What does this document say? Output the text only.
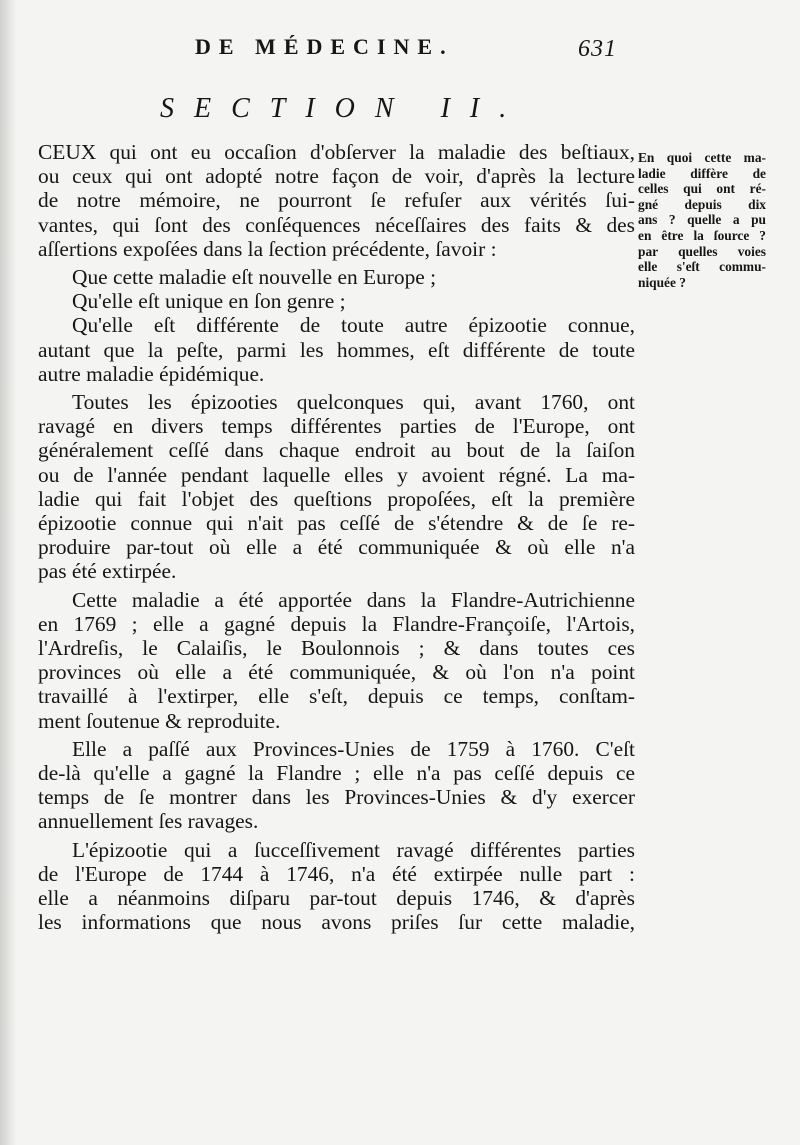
DE MÉDECINE.	631
SECTION II.
CEUX qui ont eu occaſion d'obſerver la maladie des beſtiaux,
ou ceux qui ont adopté notre façon de voir, d'après la lecture
de notre mémoire, ne pourront ſe refuſer aux vérités ſui-
vantes, qui ſont des conſéquences néceſſaires des faits & des
aſſertions expoſées dans la ſection précédente, ſavoir :
Que cette maladie eſt nouvelle en Europe ;
Qu'elle eſt unique en ſon genre ;
Qu'elle eſt différente de toute autre épizootie connue,
autant que la peſte, parmi les hommes, eſt différente de toute
autre maladie épidémique.
Toutes les épizooties quelconques qui, avant 1760, ont
ravagé en divers temps différentes parties de l'Europe, ont
généralement ceſſé dans chaque endroit au bout de la ſaiſon
ou de l'année pendant laquelle elles y avoient régné. La ma-
ladie qui fait l'objet des queſtions propoſées, eſt la première
épizootie connue qui n'ait pas ceſſé de s'étendre & de ſe re-
produire par-tout où elle a été communiquée & où elle n'a
pas été extirpée.
Cette maladie a été apportée dans la Flandre-Autrichienne
en 1769 ; elle a gagné depuis la Flandre-Françoiſe, l'Artois,
l'Ardreſis, le Calaiſis, le Boulonnois ; & dans toutes ces
provinces où elle a été communiquée, & où l'on n'a point
travaillé à l'extirper, elle s'eſt, depuis ce temps, conſtam-
ment ſoutenue & reproduite.
Elle a paſſé aux Provinces-Unies de 1759 à 1760. C'eſt
de-là qu'elle a gagné la Flandre ; elle n'a pas ceſſé depuis ce
temps de ſe montrer dans les Provinces-Unies & d'y exercer
annuellement ſes ravages.
L'épizootie qui a ſucceſſivement ravagé différentes parties
de l'Europe de 1744 à 1746, n'a été extirpée nulle part :
elle a néanmoins diſparu par-tout depuis 1746, & d'après
les informations que nous avons priſes ſur cette maladie,
En quoi cette ma-
ladie diffère de
celles qui ont ré-
gné depuis dix
ans ? quelle a pu
en être la ſource ?
par quelles voies
elle s'eſt commu-
niquée ?
